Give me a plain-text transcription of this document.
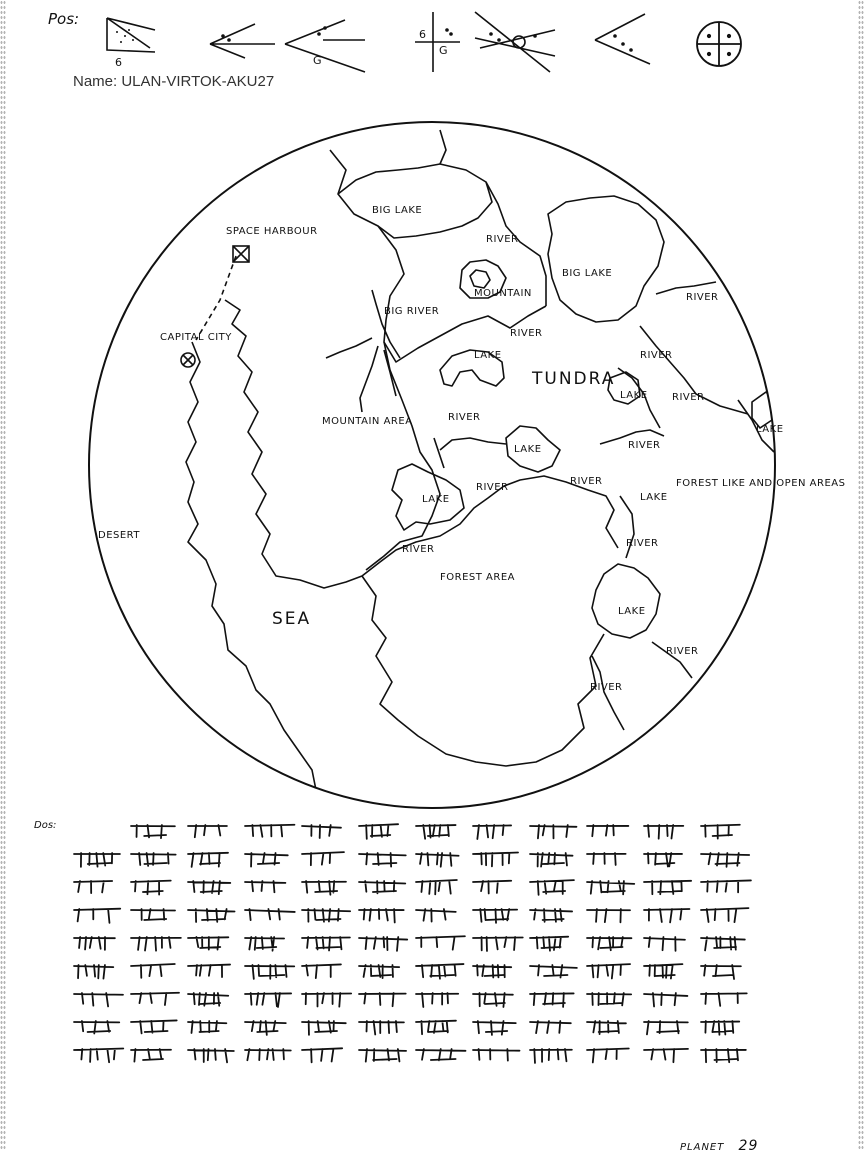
Pos:
6	G
6
G
Name: ULAN-VIRTOK-AKU27
BIG LAKE
SPACE HARBOUR
CAPITAL CITY
RIVER
BIG LAKE
BIG RIVER
MOUNTAIN	RIVER
RIVER
LAKE
TUNDRA
RIVER
RIVER
LAKE
MOUNTAIN AREA	RIVER
RIVER
LAKE
RIVER
LAKE
LAKE
RIVER	FOREST LIKE AND OPEN AREAS
LAKE
DESERT
RIVER
RIVER
FOREST AREA
SEA	LAKE
RIVER
RIVER
Dos:
PLANET 29
